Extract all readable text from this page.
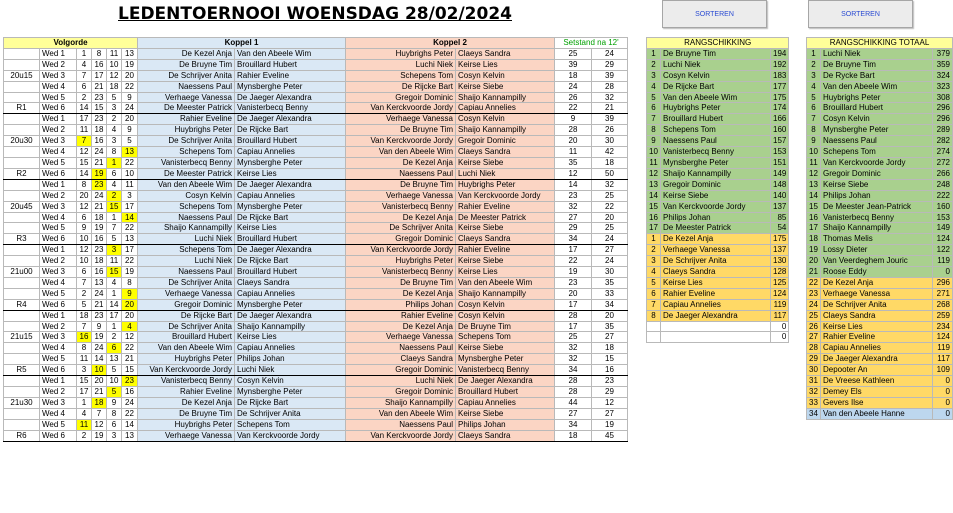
LEDENTOERNOOI WOENSDAG 28/02/2024	SORTEREN	SORTEREN
Volgorde						Koppel 1		Koppel 2		Setstand na 12'	
	Wed 1	1	8	11	13	De Kezel Anja	Van den Abeele Wim	Huybrighs Peter	Claeys Sandra	25	24
	Wed 2	4	16	10	19	De Bruyne Tim	Brouillard Hubert	Luchi Niek	Keirse Lies	39	29
20u15	Wed 3	7	17	12	20	De Schrijver Anita	Rahier Eveline	Schepens Tom	Cosyn Kelvin	18	39
	Wed 4	6	21	18	22	Naessens Paul	Mynsberghe Peter	De Rijcke Bart	Keirse Siebe	24	28
	Wed 5	2	23	5	9	Verhaege Vanessa	De Jaeger Alexandra	Gregoir Dominic	Shaijo Kannampilly	26	32
R1	Wed 6	14	15	3	24	De Meester Patrick	Vanisterbecq Benny	Van Kerckvoorde Jordy	Capiau Annelies	22	21
	Wed 1	17	23	2	20	Rahier Eveline	De Jaeger Alexandra	Verhaege Vanessa	Cosyn Kelvin	9	39
	Wed 2	11	18	4	9	Huybrighs Peter	De Rijcke Bart	De Bruyne Tim	Shaijo Kannampilly	28	26
20u30	Wed 3	7	16	3	5	De Schrijver Anita	Brouillard Hubert	Van Kerckvoorde Jordy	Gregoir Dominic	20	30
	Wed 4	12	24	8	13	Schepens Tom	Capiau Annelies	Van den Abeele Wim	Claeys Sandra	11	42
	Wed 5	15	21	1	22	Vanisterbecq Benny	Mynsberghe Peter	De Kezel Anja	Keirse Siebe	35	18
R2	Wed 6	14	19	6	10	De Meester Patrick	Keirse Lies	Naessens Paul	Luchi Niek	12	50
	Wed 1	8	23	4	11	Van den Abeele Wim	De Jaeger Alexandra	De Bruyne Tim	Huybrighs Peter	14	32
	Wed 2	20	24	2	3	Cosyn Kelvin	Capiau Annelies	Verhaege Vanessa	Van Kerckvoorde Jordy	23	25
20u45	Wed 3	12	21	15	17	Schepens Tom	Mynsberghe Peter	Vanisterbecq Benny	Rahier Eveline	32	22
	Wed 4	6	18	1	14	Naessens Paul	De Rijcke Bart	De Kezel Anja	De Meester Patrick	27	20
	Wed 5	9	19	7	22	Shaijo Kannampilly	Keirse Lies	De Schrijver Anita	Keirse Siebe	29	25
R3	Wed 6	10	16	5	13	Luchi Niek	Brouillard Hubert	Gregoir Dominic	Claeys Sandra	34	24
	Wed 1	12	23	3	17	Schepens Tom	De Jaeger Alexandra	Van Kerckvoorde Jordy	Rahier Eveline	17	27
	Wed 2	10	18	11	22	Luchi Niek	De Rijcke Bart	Huybrighs Peter	Keirse Siebe	22	24
21u00	Wed 3	6	16	15	19	Naessens Paul	Brouillard Hubert	Vanisterbecq Benny	Keirse Lies	19	30
	Wed 4	7	13	4	8	De Schrijver Anita	Claeys Sandra	De Bruyne Tim	Van den Abeele Wim	23	35
	Wed 5	2	24	1	9	Verhaege Vanessa	Capiau Annelies	De Kezel Anja	Shaijo Kannampilly	20	33
R4	Wed 6	5	21	14	20	Gregoir Dominic	Mynsberghe Peter	Philips Johan	Cosyn Kelvin	17	34
	Wed 1	18	23	17	20	De Rijcke Bart	De Jaeger Alexandra	Rahier Eveline	Cosyn Kelvin	28	20
	Wed 2	7	9	1	4	De Schrijver Anita	Shaijo Kannampilly	De Kezel Anja	De Bruyne Tim	17	35
21u15	Wed 3	16	19	2	12	Brouillard Hubert	Keirse Lies	Verhaege Vanessa	Schepens Tom	25	27
	Wed 4	8	24	6	22	Van den Abeele Wim	Capiau Annelies	Naessens Paul	Keirse Siebe	32	18
	Wed 5	11	14	13	21	Huybrighs Peter	Philips Johan	Claeys Sandra	Mynsberghe Peter	32	15
R5	Wed 6	3	10	5	15	Van Kerckvoorde Jordy	Luchi Niek	Gregoir Dominic	Vanisterbecq Benny	34	16
	Wed 1	15	20	10	23	Vanisterbecq Benny	Cosyn Kelvin	Luchi Niek	De Jaeger Alexandra	28	23
	Wed 2	17	21	5	16	Rahier Eveline	Mynsberghe Peter	Gregoir Dominic	Brouillard Hubert	28	29
21u30	Wed 3	1	18	9	24	De Kezel Anja	De Rijcke Bart	Shaijo Kannampilly	Capiau Annelies	44	12
	Wed 4	4	7	8	22	De Bruyne Tim	De Schrijver Anita	Van den Abeele Wim	Keirse Siebe	27	27
	Wed 5	11	12	6	14	Huybrighs Peter	Schepens Tom	Naessens Paul	Philips Johan	34	19
R6	Wed 6	2	19	3	13	Verhaege Vanessa	Van Kerckvoorde Jordy	Van Kerckvoorde Jordy	Claeys Sandra	18	45
RANGSCHIKKING		
1	De Bruyne Tim	194
2	Luchi Niek	192
3	Cosyn Kelvin	183
4	De Rijcke Bart	177
5	Van den Abeele Wim	175
6	Huybrighs Peter	174
7	Brouillard Hubert	166
8	Schepens Tom	160
9	Naessens Paul	157
10	Vanisterbecq Benny	153
11	Mynsberghe Peter	151
12	Shaijo Kannampilly	149
13	Gregoir Dominic	148
14	Keirse Siebe	140
15	Van Kerckvoorde Jordy	137
16	Philips Johan	85
17	De Meester Patrick	54
1	De Kezel Anja	175
2	Verhaege Vanessa	137
3	De Schrijver Anita	130
4	Claeys Sandra	128
5	Keirse Lies	125
6	Rahier Eveline	124
7	Capiau Annelies	119
8	De Jaeger Alexandra	117
		0
		0
RANGSCHIKKING TOTAAL		
1	Luchi Niek	379
2	De Bruyne Tim	359
3	De Rycke Bart	324
4	Van den Abeele Wim	323
5	Huybrighs Peter	308
6	Brouillard Hubert	296
7	Cosyn Kelvin	296
8	Mynsberghe Peter	289
9	Naessens Paul	282
10	Schepens Tom	274
11	Van Kerckvoorde Jordy	272
12	Gregoir Dominic	266
13	Keirse Siebe	248
14	Philips Johan	222
15	De Meester Jean-Patrick	160
16	Vanisterbecq Benny	153
17	Shaijo Kannampilly	149
18	Thomas Melis	124
19	Lossy Dieter	122
20	Van Veerdeghem Jouric	119
21	Roose Eddy	0
22	De Kezel Anja	296
23	Verhaege Vanessa	271
24	De Schrijver Anita	268
25	Claeys Sandra	259
26	Keirse Lies	234
27	Rahier Eveline	124
28	Capiau Annelies	119
29	De Jaeger Alexandra	117
30	Depooter An	109
31	De Vreese Kathleen	0
32	Demey Els	0
33	Gevers Ilse	0
34	Van den Abeele Hanne	0
